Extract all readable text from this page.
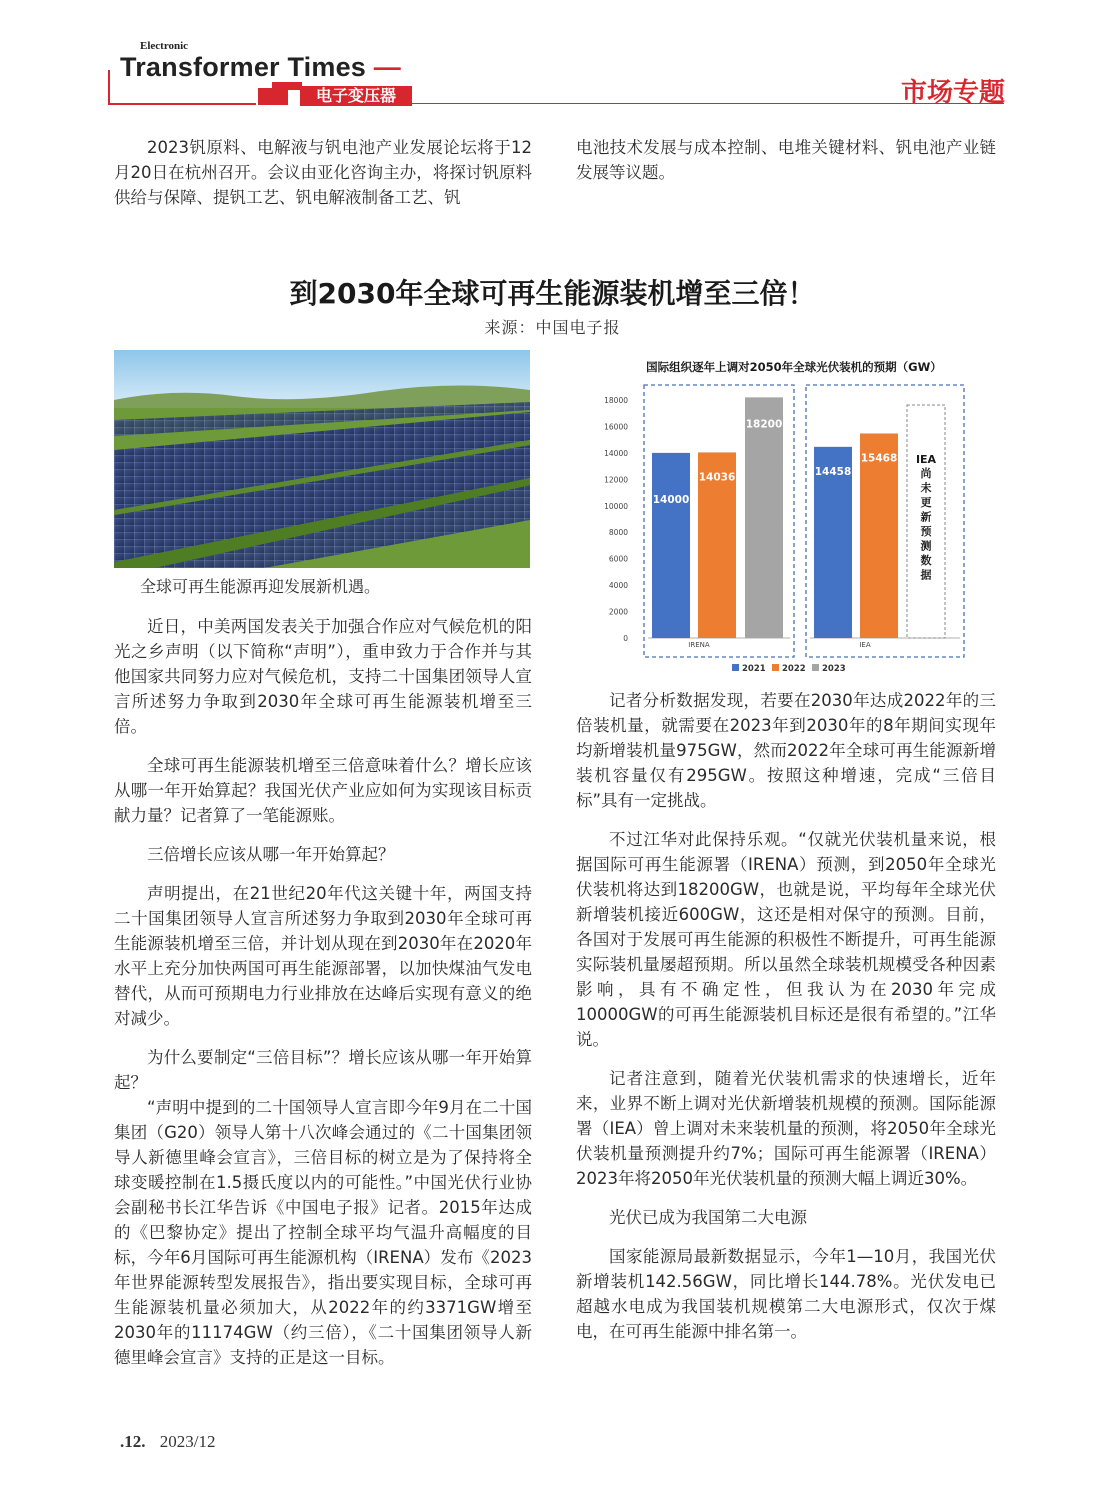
Electronic
Transformer Times —
电子变压器	市场专题

2023钒原料、电解液与钒电池产业发展论坛将于12月20日在杭州召开。会议由亚化咨询主办，将探讨钒原料供给与保障、提钒工艺、钒电解液制备工艺、钒

电池技术发展与成本控制、电堆关键材料、钒电池产业链发展等议题。

到2030年全球可再生能源装机增至三倍！
来源：中国电子报
全球可再生能源再迎发展新机遇。

近日，中美两国发表关于加强合作应对气候危机的阳光之乡声明（以下简称“声明”），重申致力于合作并与其他国家共同努力应对气候危机，支持二十国集团领导人宣言所述努力争取到2030年全球可再生能源装机增至三倍。

全球可再生能源装机增至三倍意味着什么？增长应该从哪一年开始算起？我国光伏产业应如何为实现该目标贡献力量？记者算了一笔能源账。

三倍增长应该从哪一年开始算起？

声明提出，在21世纪20年代这关键十年，两国支持二十国集团领导人宣言所述努力争取到2030年全球可再生能源装机增至三倍，并计划从现在到2030年在2020年水平上充分加快两国可再生能源部署，以加快煤油气发电替代，从而可预期电力行业排放在达峰后实现有意义的绝对减少。

为什么要制定“三倍目标”？增长应该从哪一年开始算起？

“声明中提到的二十国领导人宣言即今年9月在二十国集团（G20）领导人第十八次峰会通过的《二十国集团领导人新德里峰会宣言》，三倍目标的树立是为了保持将全球变暖控制在1.5摄氏度以内的可能性。”中国光伏行业协会副秘书长江华告诉《中国电子报》记者。2015年达成的《巴黎协定》提出了控制全球平均气温升高幅度的目标，今年6月国际可再生能源机构（IRENA）发布《2023年世界能源转型发展报告》，指出要实现目标，全球可再生能源装机量必须加大，从2022年的约3371GW增至2030年的11174GW（约三倍），《二十国集团领导人新德里峰会宣言》支持的正是这一目标。

国际组织逐年上调对2050年全球光伏装机的预期（GW）
0
2000
4000
6000
8000
10000
12000
14000
16000
18000
14000
14036
18200
IRENA
14458
15468
IEA
IEA
尚
未
更
新
预
测
数
据
2021 2022 2023

记者分析数据发现，若要在2030年达成2022年的三倍装机量，就需要在2023年到2030年的8年期间实现年均新增装机量975GW，然而2022年全球可再生能源新增装机容量仅有295GW。按照这种增速，完成“三倍目标”具有一定挑战。

不过江华对此保持乐观。“仅就光伏装机量来说，根据国际可再生能源署（IRENA）预测，到2050年全球光伏装机将达到18200GW，也就是说，平均每年全球光伏新增装机接近600GW，这还是相对保守的预测。目前，各国对于发展可再生能源的积极性不断提升，可再生能源实际装机量屡超预期。所以虽然全球装机规模受各种因素影响，具有不确定性，但我认为在2030年完成10000GW的可再生能源装机目标还是很有希望的。”江华说。

记者注意到，随着光伏装机需求的快速增长，近年来，业界不断上调对光伏新增装机规模的预测。国际能源署（IEA）曾上调对未来装机量的预测，将2050年全球光伏装机量预测提升约7%；国际可再生能源署（IRENA）2023年将2050年光伏装机量的预测大幅上调近30%。

光伏已成为我国第二大电源

国家能源局最新数据显示，今年1—10月，我国光伏新增装机142.56GW，同比增长144.78%。光伏发电已超越水电成为我国装机规模第二大电源形式，仅次于煤电，在可再生能源中排名第一。

.12. 2023/12
